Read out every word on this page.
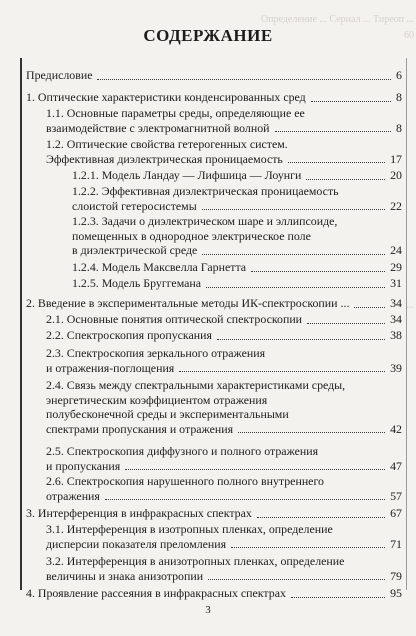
Определение ... Сериал ... Тиреоп ...
60
...
СОДЕРЖАНИЕ
Предисловие	6
1. Оптические характеристики конденсированных сред	8
1.1. Основные параметры среды, определяющие ее
взаимодействие с электромагнитной волной	8
1.2. Оптические свойства гетерогенных систем.
Эффективная диэлектрическая проницаемость	17
1.2.1. Модель Ландау — Лифшица — Лоунги	20
1.2.2. Эффективная диэлектрическая проницаемость
слоистой гетеросистемы	22
1.2.3. Задачи о диэлектрическом шаре и эллипсоиде,
помещенных в однородное электрическое поле
в диэлектрической среде	24
1.2.4. Модель Максвелла Гарнетта	29
1.2.5. Модель Бруггемана	31
2. Введение в экспериментальные методы ИК-спектроскопии ...	34
2.1. Основные понятия оптической спектроскопии	34
2.2. Спектроскопия пропускания	38
2.3. Спектроскопия зеркального отражения
и отражения-поглощения	39
2.4. Связь между спектральными характеристиками среды,
энергетическим коэффициентом отражения
полубесконечной среды и экспериментальными
спектрами пропускания и отражения	42
2.5. Спектроскопия диффузного и полного отражения
и пропускания	47
2.6. Спектроскопия нарушенного полного внутреннего
отражения	57
3. Интерференция в инфракрасных спектрах	67
3.1. Интерференция в изотропных пленках, определение
дисперсии показателя преломления	71
3.2. Интерференция в анизотропных пленках, определение
величины и знака анизотропии	79
4. Проявление рассеяния в инфракрасных спектрах	95
3
